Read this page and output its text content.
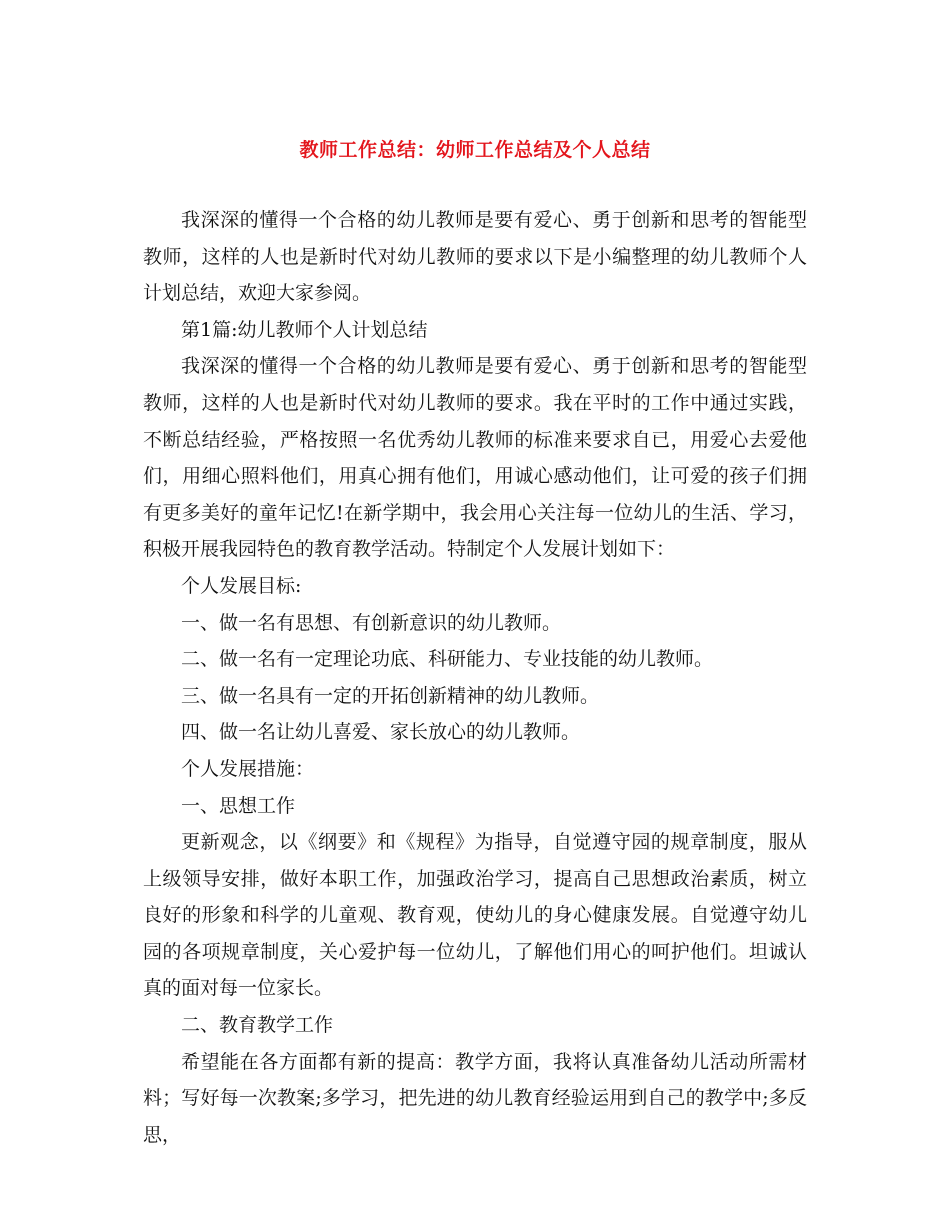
教师工作总结：幼师工作总结及个人总结

我深深的懂得一个合格的幼儿教师是要有爱心、勇于创新和思考的智能型教师，这样的人也是新时代对幼儿教师的要求以下是小编整理的幼儿教师个人计划总结，欢迎大家参阅。

第1篇:幼儿教师个人计划总结

我深深的懂得一个合格的幼儿教师是要有爱心、勇于创新和思考的智能型教师，这样的人也是新时代对幼儿教师的要求。我在平时的工作中通过实践，不断总结经验，严格按照一名优秀幼儿教师的标准来要求自已，用爱心去爱他们，用细心照料他们，用真心拥有他们，用诚心感动他们，让可爱的孩子们拥有更多美好的童年记忆!在新学期中，我会用心关注每一位幼儿的生活、学习，积极开展我园特色的教育教学活动。特制定个人发展计划如下：

个人发展目标:

一、做一名有思想、有创新意识的幼儿教师。

二、做一名有一定理论功底、科研能力、专业技能的幼儿教师。

三、做一名具有一定的开拓创新精神的幼儿教师。

四、做一名让幼儿喜爱、家长放心的幼儿教师。

个人发展措施：

一、思想工作

更新观念，以《纲要》和《规程》为指导，自觉遵守园的规章制度，服从上级领导安排，做好本职工作，加强政治学习，提高自己思想政治素质，树立良好的形象和科学的儿童观、教育观，使幼儿的身心健康发展。自觉遵守幼儿园的各项规章制度，关心爱护每一位幼儿，了解他们用心的呵护他们。坦诚认真的面对每一位家长。

二、教育教学工作

希望能在各方面都有新的提高：教学方面，我将认真准备幼儿活动所需材料；写好每一次教案;多学习，把先进的幼儿教育经验运用到自己的教学中;多反思，
